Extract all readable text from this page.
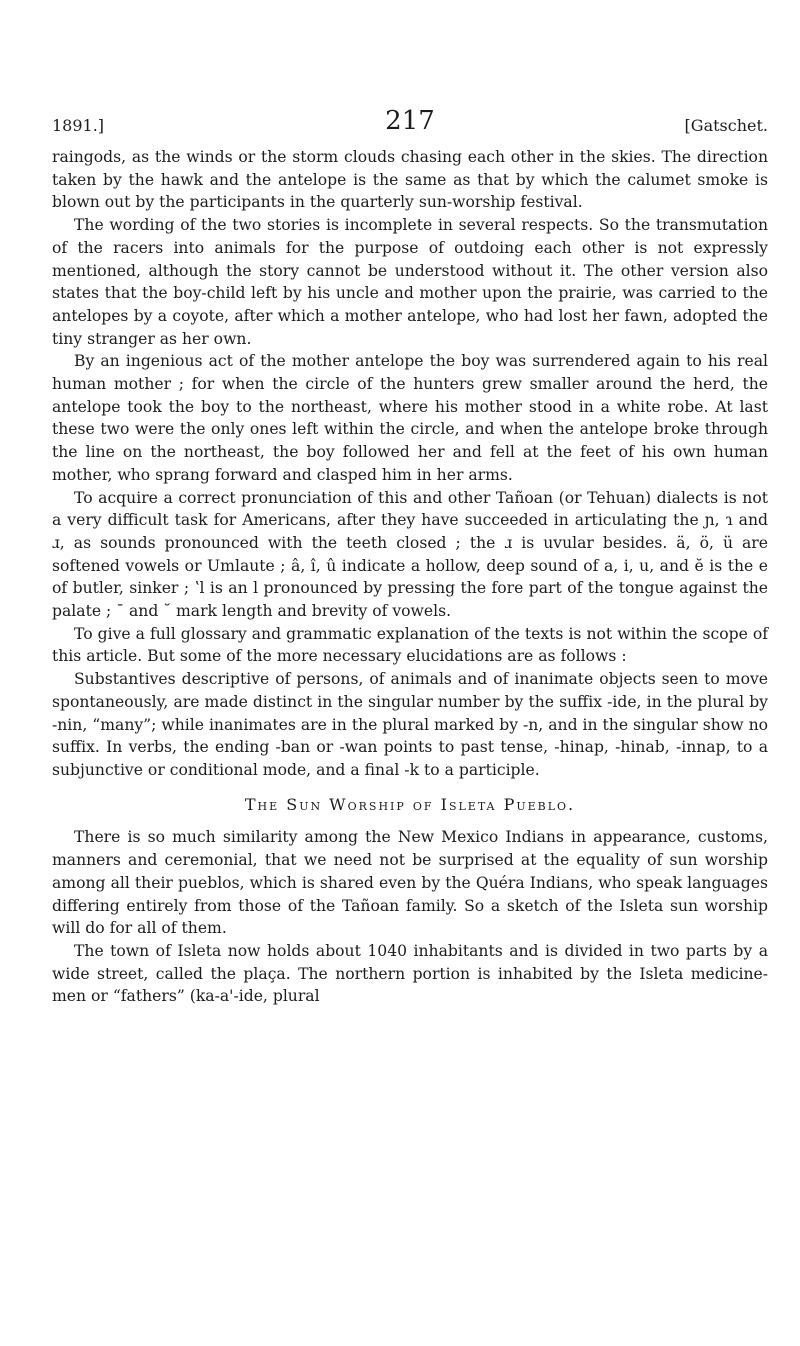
1891.]	217	[Gatschet.

raingods, as the winds or the storm clouds chasing each other in the skies. The direction taken by the hawk and the antelope is the same as that by which the calumet smoke is blown out by the participants in the quarterly sun-worship festival.

The wording of the two stories is incomplete in several respects. So the transmutation of the racers into animals for the purpose of outdoing each other is not expressly mentioned, although the story cannot be understood without it. The other version also states that the boy-child left by his uncle and mother upon the prairie, was carried to the antelopes by a coyote, after which a mother antelope, who had lost her fawn, adopted the tiny stranger as her own.

By an ingenious act of the mother antelope the boy was surrendered again to his real human mother ; for when the circle of the hunters grew smaller around the herd, the antelope took the boy to the northeast, where his mother stood in a white robe. At last these two were the only ones left within the circle, and when the antelope broke through the line on the northeast, the boy followed her and fell at the feet of his own human mother, who sprang forward and clasped him in her arms.

To acquire a correct pronunciation of this and other Tañoan (or Tehuan) dialects is not a very difficult task for Americans, after they have succeeded in articulating the ɲ, ɿ and ɹ, as sounds pronounced with the teeth closed ; the ɹ is uvular besides. ä, ö, ü are softened vowels or Umlaute ; â, î, û indicate a hollow, deep sound of a, i, u, and ĕ is the e of butler, sinker ; ʽl is an l pronounced by pressing the fore part of the tongue against the palate ; ¯ and ˘ mark length and brevity of vowels.

To give a full glossary and grammatic explanation of the texts is not within the scope of this article. But some of the more necessary elucidations are as follows :

Substantives descriptive of persons, of animals and of inanimate objects seen to move spontaneously, are made distinct in the singular number by the suffix -ide, in the plural by -nin, “many”; while inanimates are in the plural marked by -n, and in the singular show no suffix. In verbs, the ending -ban or -wan points to past tense, -hinap, -hinab, -innap, to a subjunctive or conditional mode, and a final -k to a participle.

The Sun Worship of Isleta Pueblo.

There is so much similarity among the New Mexico Indians in appearance, customs, manners and ceremonial, that we need not be surprised at the equality of sun worship among all their pueblos, which is shared even by the Quéra Indians, who speak languages differing entirely from those of the Tañoan family. So a sketch of the Isleta sun worship will do for all of them.

The town of Isleta now holds about 1040 inhabitants and is divided in two parts by a wide street, called the plaça. The northern portion is inhabited by the Isleta medicine-men or “fathers” (ka-a'-ide, plural
